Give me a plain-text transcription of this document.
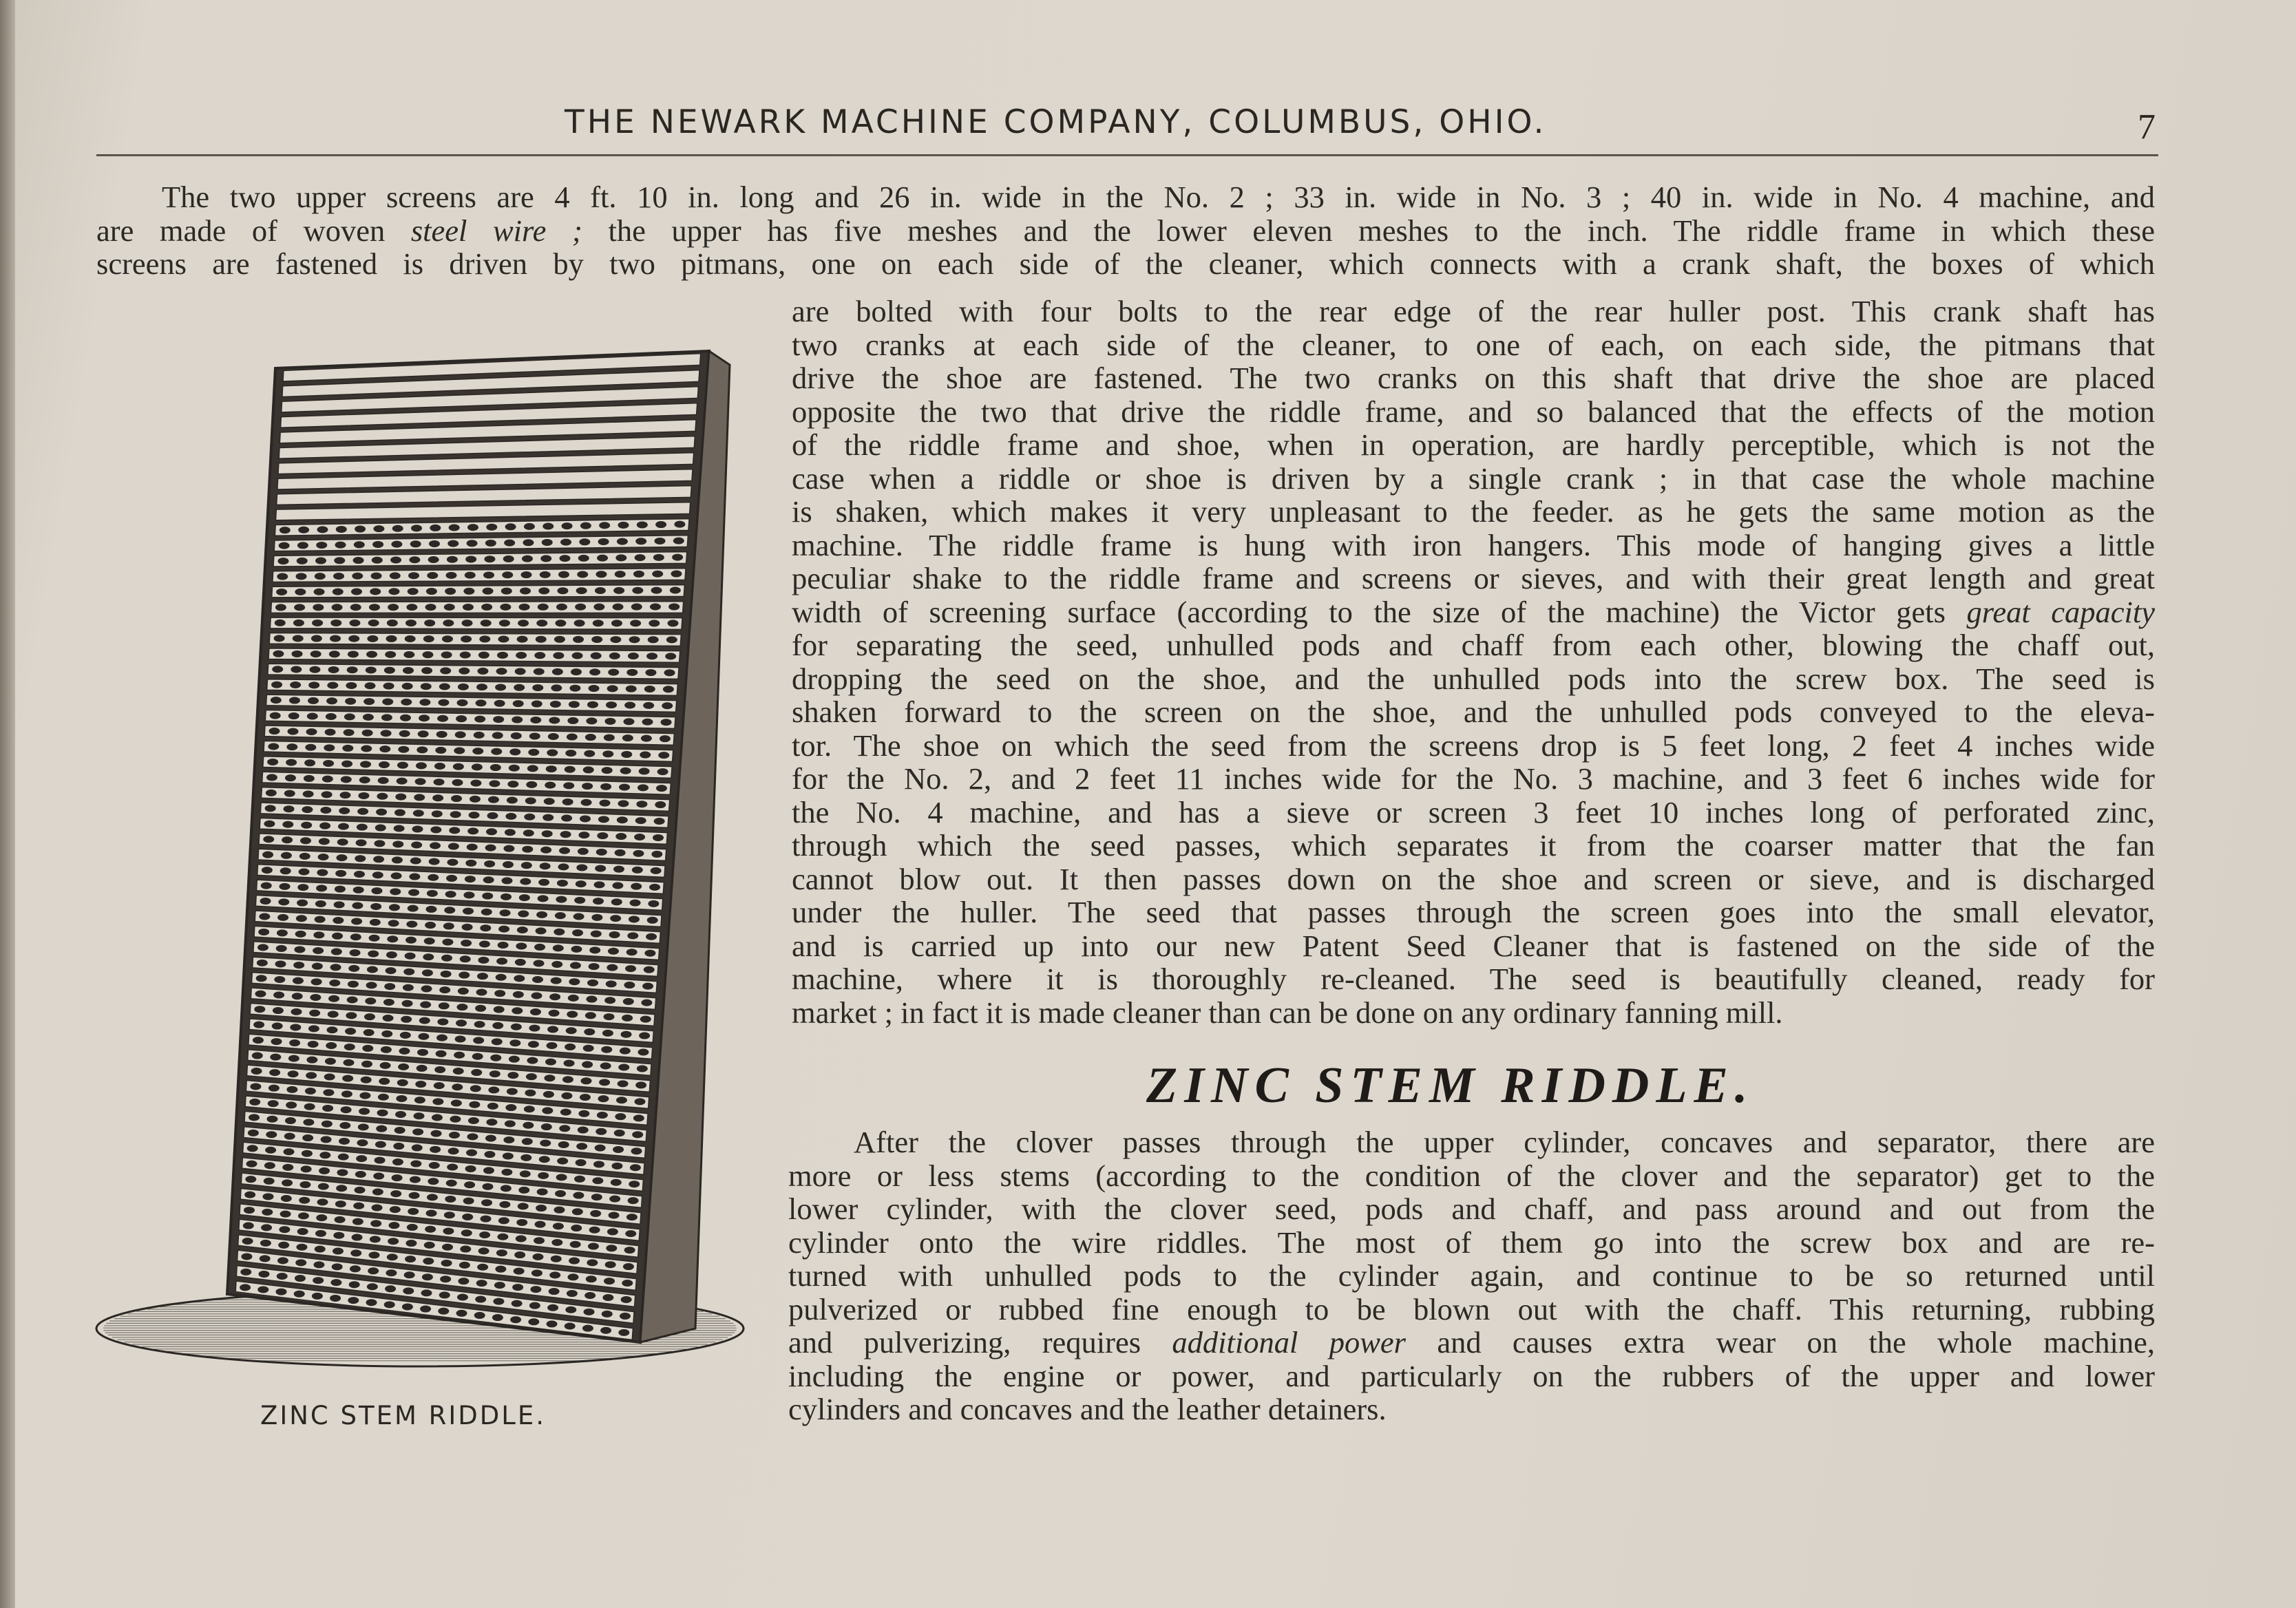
THE NEWARK MACHINE COMPANY, COLUMBUS, OHIO.	7
The two upper screens are 4 ft. 10 in. long and 26 in. wide in the No. 2 ; 33 in. wide in No. 3 ; 40 in. wide in No. 4 machine, and
are made of woven steel wire ; the upper has five meshes and the lower eleven meshes to the inch. The riddle frame in which these
screens are fastened is driven by two pitmans, one on each side of the cleaner, which connects with a crank shaft, the boxes of which
are bolted with four bolts to the rear edge of the rear huller post. This crank shaft has
two cranks at each side of the cleaner, to one of each, on each side, the pitmans that
drive the shoe are fastened. The two cranks on this shaft that drive the shoe are placed
opposite the two that drive the riddle frame, and so balanced that the effects of the motion
of the riddle frame and shoe, when in operation, are hardly perceptible, which is not the
case when a riddle or shoe is driven by a single crank ; in that case the whole machine
is shaken, which makes it very unpleasant to the feeder. as he gets the same motion as the
machine. The riddle frame is hung with iron hangers. This mode of hanging gives a little
peculiar shake to the riddle frame and screens or sieves, and with their great length and great
width of screening surface (according to the size of the machine) the Victor gets great capacity
for separating the seed, unhulled pods and chaff from each other, blowing the chaff out,
dropping the seed on the shoe, and the unhulled pods into the screw box. The seed is
shaken forward to the screen on the shoe, and the unhulled pods conveyed to the eleva-
tor. The shoe on which the seed from the screens drop is 5 feet long, 2 feet 4 inches wide
for the No. 2, and 2 feet 11 inches wide for the No. 3 machine, and 3 feet 6 inches wide for
the No. 4 machine, and has a sieve or screen 3 feet 10 inches long of perforated zinc,
through which the seed passes, which separates it from the coarser matter that the fan
cannot blow out. It then passes down on the shoe and screen or sieve, and is discharged
under the huller. The seed that passes through the screen goes into the small elevator,
and is carried up into our new Patent Seed Cleaner that is fastened on the side of the
machine, where it is thoroughly re-cleaned. The seed is beautifully cleaned, ready for
market ; in fact it is made cleaner than can be done on any ordinary fanning mill.
ZINC STEM RIDDLE.
ZINC STEM RIDDLE.
After the clover passes through the upper cylinder, concaves and separator, there are
more or less stems (according to the condition of the clover and the separator) get to the
lower cylinder, with the clover seed, pods and chaff, and pass around and out from the
cylinder onto the wire riddles. The most of them go into the screw box and are re-
turned with unhulled pods to the cylinder again, and continue to be so returned until
pulverized or rubbed fine enough to be blown out with the chaff. This returning, rubbing
and pulverizing, requires additional power and causes extra wear on the whole machine,
including the engine or power, and particularly on the rubbers of the upper and lower
cylinders and concaves and the leather detainers.
